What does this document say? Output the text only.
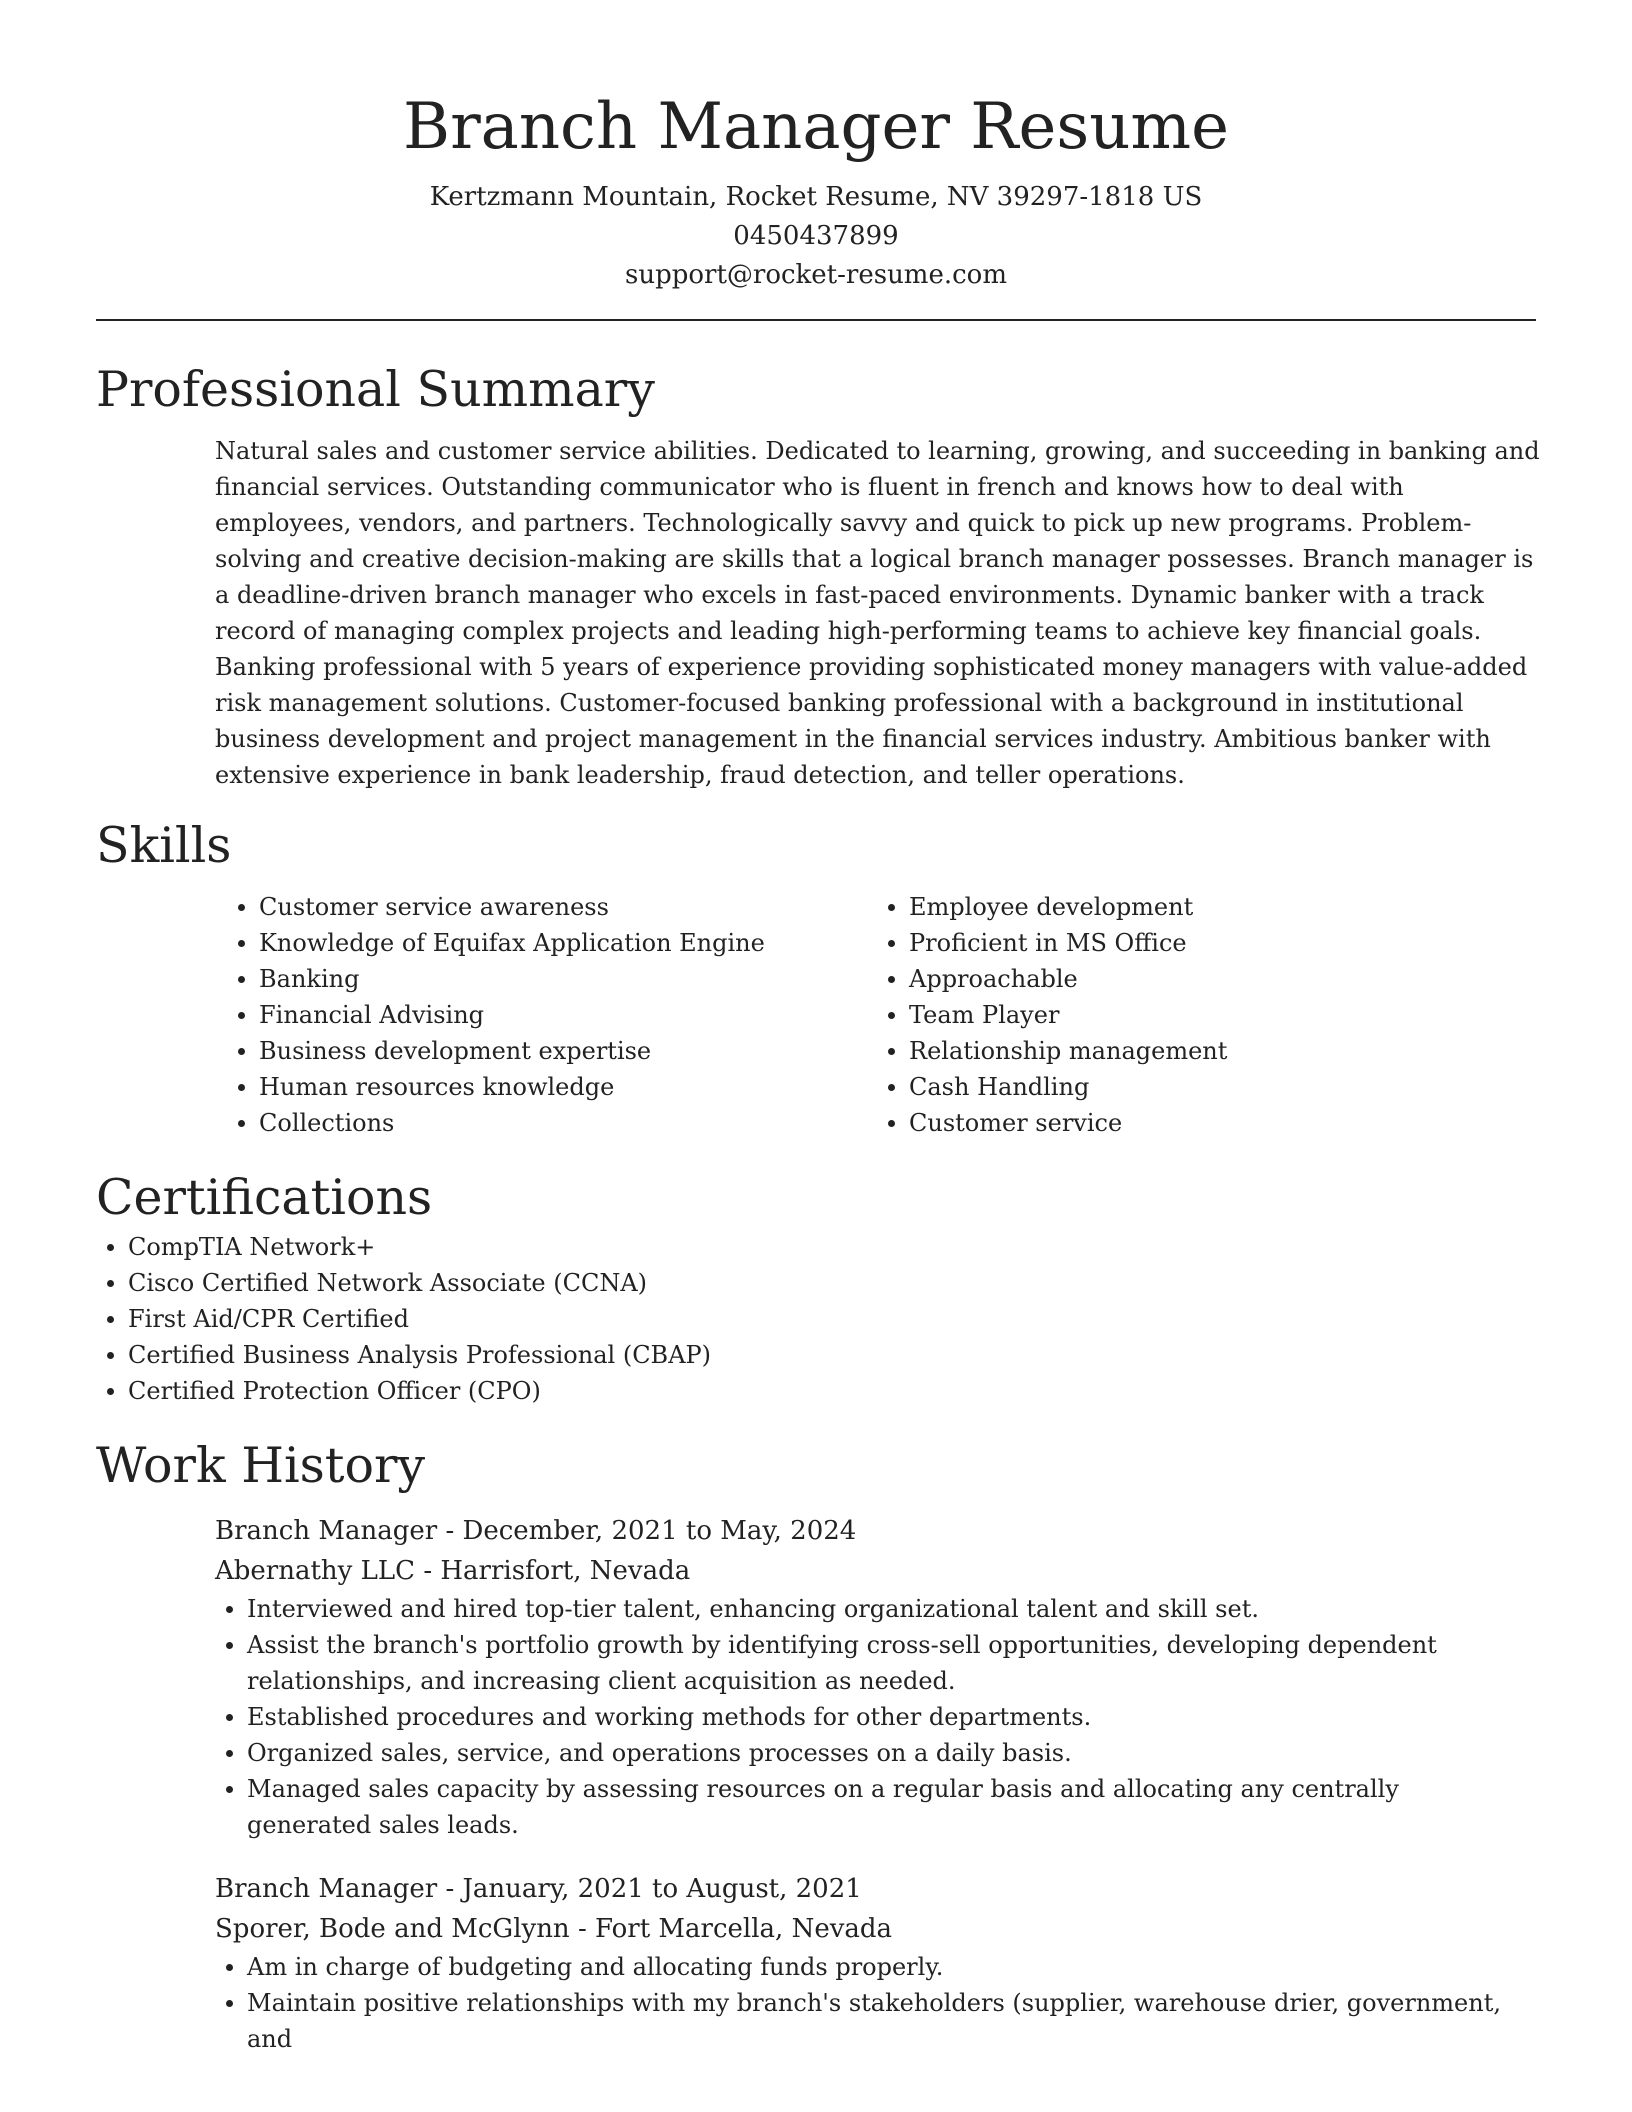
Branch Manager Resume
Kertzmann Mountain, Rocket Resume, NV 39297-1818 US
0450437899
support@rocket-resume.com
Professional Summary

Natural sales and customer service abilities. Dedicated to learning, growing, and succeeding in banking and financial services. Outstanding communicator who is fluent in french and knows how to deal with employees, vendors, and partners. Technologically savvy and quick to pick up new programs. Problem-solving and creative decision-making are skills that a logical branch manager possesses. Branch manager is a deadline-driven branch manager who excels in fast-paced environments. Dynamic banker with a track record of managing complex projects and leading high-performing teams to achieve key financial goals. Banking professional with 5 years of experience providing sophisticated money managers with value-added risk management solutions. Customer-focused banking professional with a background in institutional business development and project management in the financial services industry. Ambitious banker with extensive experience in bank leadership, fraud detection, and teller operations.

Skills
Customer service awareness
Knowledge of Equifax Application Engine
Banking
Financial Advising
Business development expertise
Human resources knowledge
Collections
Employee development
Proficient in MS Office
Approachable
Team Player
Relationship management
Cash Handling
Customer service
Certifications
CompTIA Network+
Cisco Certified Network Associate (CCNA)
First Aid/CPR Certified
Certified Business Analysis Professional (CBAP)
Certified Protection Officer (CPO)
Work History
Branch Manager - December, 2021 to May, 2024
Abernathy LLC - Harrisfort, Nevada
Interviewed and hired top-tier talent, enhancing organizational talent and skill set.
Assist the branch's portfolio growth by identifying cross-sell opportunities, developing dependent relationships, and increasing client acquisition as needed.
Established procedures and working methods for other departments.
Organized sales, service, and operations processes on a daily basis.
Managed sales capacity by assessing resources on a regular basis and allocating any centrally generated sales leads.
Branch Manager - January, 2021 to August, 2021
Sporer, Bode and McGlynn - Fort Marcella, Nevada
Am in charge of budgeting and allocating funds properly.
Maintain positive relationships with my branch's stakeholders (supplier, warehouse drier, government, and
